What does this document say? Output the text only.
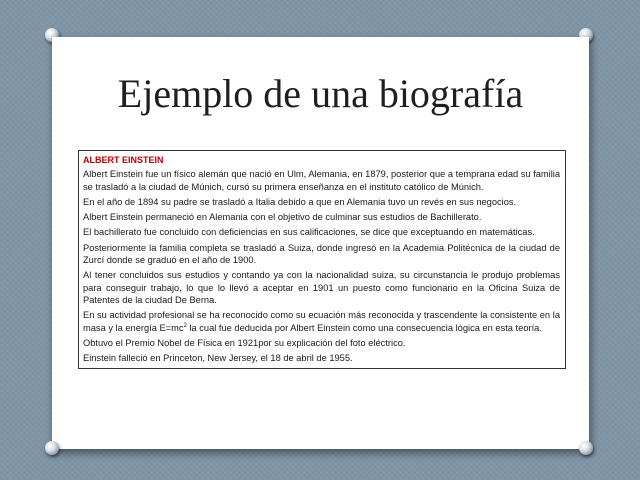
Ejemplo de una biografía
ALBERT EINSTEIN

Albert Einstein fue un físico alemán que nació en Ulm, Alemania, en 1879, posterior que a temprana edad su familia se trasladó a la ciudad de Múnich, cursó su primera enseñanza en el instituto católico de Múnich.

En el año de 1894 su padre se trasladó a Italia debido a que en Alemania tuvo un revés en sus negocios.

Albert Einstein permaneció en Alemania con el objetivo de culminar sus estudios de Bachillerato.

El bachillerato fue concluido con deficiencias en sus calificaciones, se dice que exceptuando en matemáticas.

Posteriormente la familia completa se trasladó a Suiza, donde ingresó en la Academia Politécnica de la ciudad de Zurcí donde se graduó en el año de 1900.

Al tener concluidos sus estudios y contando ya con la nacionalidad suiza, su circunstancia le produjo problemas para conseguir trabajo, lo que lo llevó a aceptar en 1901 un puesto como funcionario en la Oficina Suiza de Patentes de la ciudad De Berna.

En su actividad profesional se ha reconocido como su ecuación más reconocida y trascendente la consistente en la masa y la energía $E=mc^2$ la cual fue deducida por Albert Einstein como una consecuencia lógica en esta teoría.

Obtuvo el Premio Nobel de Física en 1921por su explicación del foto eléctrico.

Einstein falleció en Princeton, New Jersey, el 18 de abril de 1955.
